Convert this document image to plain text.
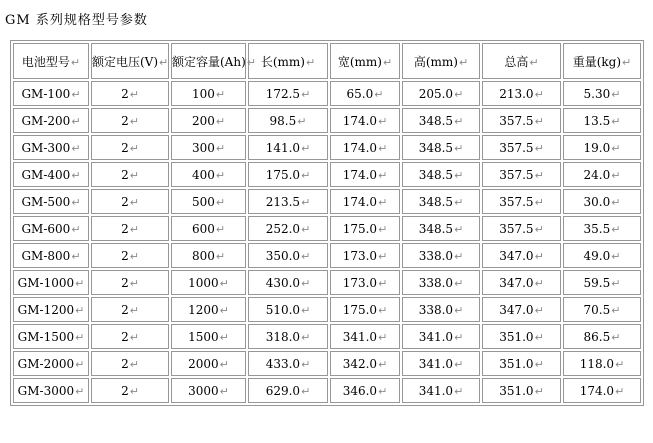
GM 系列规格型号参数
电池型号↵	额定电压(V)↵	额定容量(Ah)↵	长(mm)↵	宽(mm)↵	高(mm)↵	总高↵	重量(kg)↵
GM-100↵	2↵	100↵	172.5↵	65.0↵	205.0↵	213.0↵	5.30↵
GM-200↵	2↵	200↵	98.5↵	174.0↵	348.5↵	357.5↵	13.5↵
GM-300↵	2↵	300↵	141.0↵	174.0↵	348.5↵	357.5↵	19.0↵
GM-400↵	2↵	400↵	175.0↵	174.0↵	348.5↵	357.5↵	24.0↵
GM-500↵	2↵	500↵	213.5↵	174.0↵	348.5↵	357.5↵	30.0↵
GM-600↵	2↵	600↵	252.0↵	175.0↵	348.5↵	357.5↵	35.5↵
GM-800↵	2↵	800↵	350.0↵	173.0↵	338.0↵	347.0↵	49.0↵
GM-1000↵	2↵	1000↵	430.0↵	173.0↵	338.0↵	347.0↵	59.5↵
GM-1200↵	2↵	1200↵	510.0↵	175.0↵	338.0↵	347.0↵	70.5↵
GM-1500↵	2↵	1500↵	318.0↵	341.0↵	341.0↵	351.0↵	86.5↵
GM-2000↵	2↵	2000↵	433.0↵	342.0↵	341.0↵	351.0↵	118.0↵
GM-3000↵	2↵	3000↵	629.0↵	346.0↵	341.0↵	351.0↵	174.0↵
